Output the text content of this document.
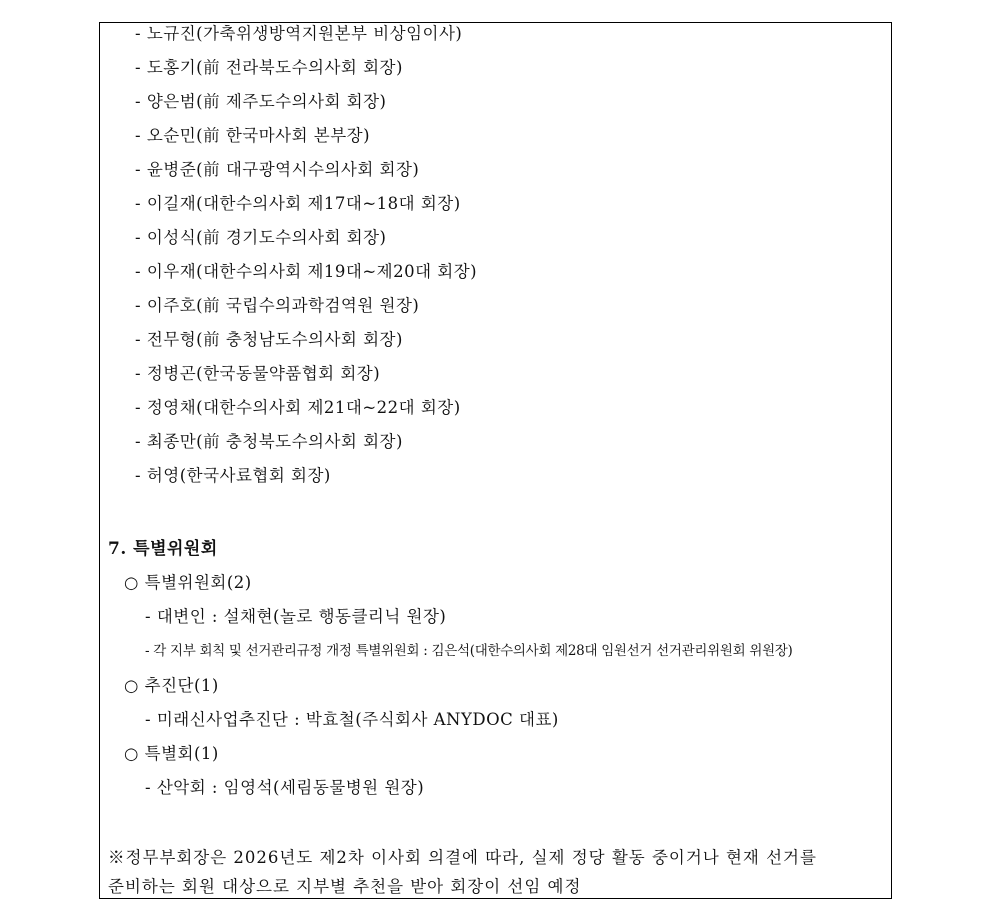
- 노규진(가축위생방역지원본부 비상임이사)
- 도홍기(前 전라북도수의사회 회장)
- 양은범(前 제주도수의사회 회장)
- 오순민(前 한국마사회 본부장)
- 윤병준(前 대구광역시수의사회 회장)
- 이길재(대한수의사회 제17대~18대 회장)
- 이성식(前 경기도수의사회 회장)
- 이우재(대한수의사회 제19대~제20대 회장)
- 이주호(前 국립수의과학검역원 원장)
- 전무형(前 충청남도수의사회 회장)
- 정병곤(한국동물약품협회 회장)
- 정영채(대한수의사회 제21대~22대 회장)
- 최종만(前 충청북도수의사회 회장)
- 허영(한국사료협회 회장)
7. 특별위원회
○ 특별위원회(2)
- 대변인 : 설채현(놀로 행동클리닉 원장)
- 각 지부 회칙 및 선거관리규정 개정 특별위원회 : 김은석(대한수의사회 제28대 임원선거 선거관리위원회 위원장)
○ 추진단(1)
- 미래신사업추진단 : 박효철(주식회사 ANYDOC 대표)
○ 특별회(1)
- 산악회 : 임영석(세림동물병원 원장)
※정무부회장은 2026년도 제2차 이사회 의결에 따라, 실제 정당 활동 중이거나 현재 선거를
준비하는 회원 대상으로 지부별 추천을 받아 회장이 선임 예정
